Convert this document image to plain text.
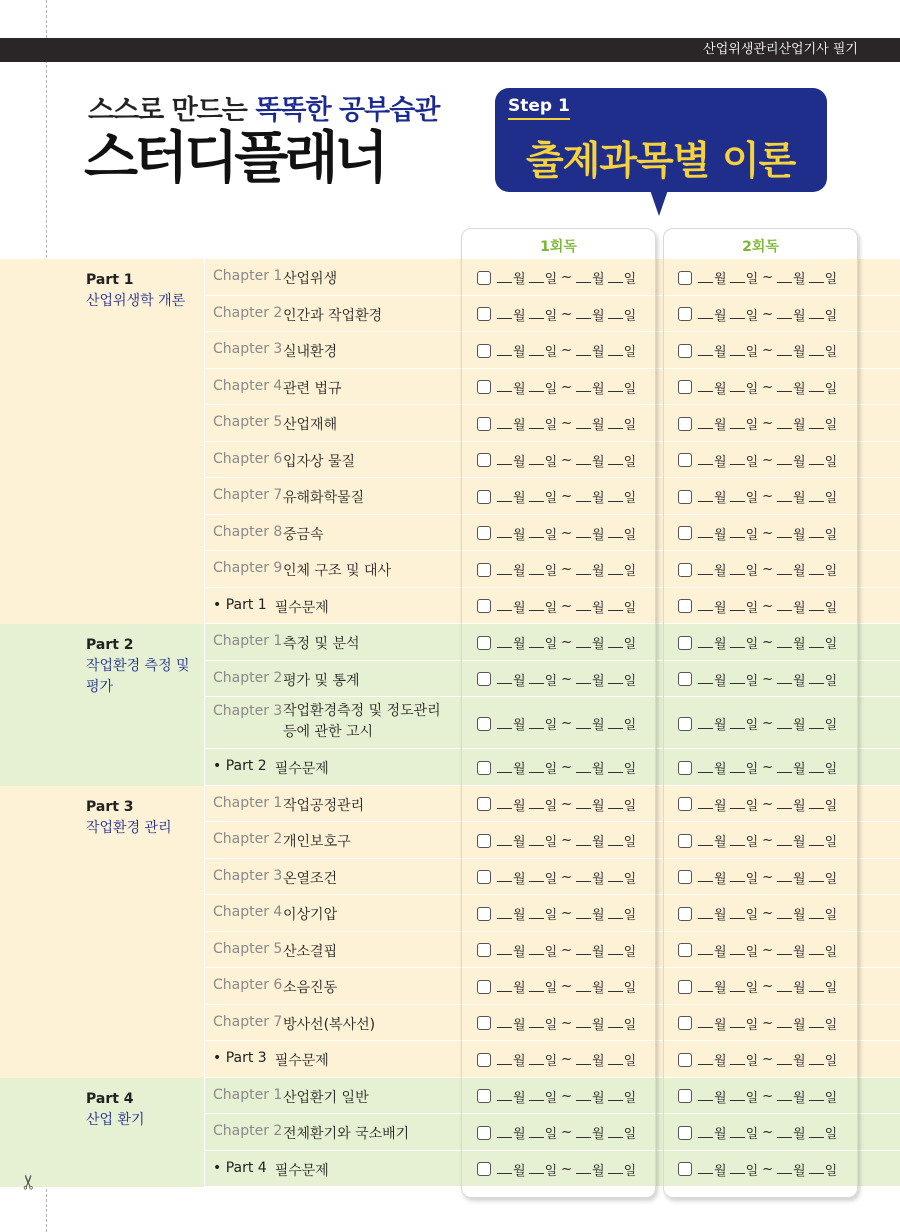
산업위생관리산업기사 필기
스스로 만드는 똑똑한 공부습관
스터디플래너
Step 1
출제과목별 이론
1회독	2회독
Part 1
산업위생학 개론
Chapter 1 산업위생	월 일 ~ 월 일	월 일 ~ 월 일
Chapter 2 인간과 작업환경	월 일 ~ 월 일	월 일 ~ 월 일
Chapter 3 실내환경	월 일 ~ 월 일	월 일 ~ 월 일
Chapter 4 관련 법규	월 일 ~ 월 일	월 일 ~ 월 일
Chapter 5 산업재해	월 일 ~ 월 일	월 일 ~ 월 일
Chapter 6 입자상 물질	월 일 ~ 월 일	월 일 ~ 월 일
Chapter 7 유해화학물질	월 일 ~ 월 일	월 일 ~ 월 일
Chapter 8 중금속	월 일 ~ 월 일	월 일 ~ 월 일
Chapter 9 인체 구조 및 대사	월 일 ~ 월 일	월 일 ~ 월 일
• Part 1 필수문제	월 일 ~ 월 일	월 일 ~ 월 일
Part 2
작업환경 측정 및 평가
Chapter 1 측정 및 분석	월 일 ~ 월 일	월 일 ~ 월 일
Chapter 2 평가 및 통계	월 일 ~ 월 일	월 일 ~ 월 일
Chapter 3 작업환경측정 및 정도관리 등에 관한 고시	월 일 ~ 월 일	월 일 ~ 월 일
• Part 2 필수문제	월 일 ~ 월 일	월 일 ~ 월 일
Part 3
작업환경 관리
Chapter 1 작업공정관리	월 일 ~ 월 일	월 일 ~ 월 일
Chapter 2 개인보호구	월 일 ~ 월 일	월 일 ~ 월 일
Chapter 3 온열조건	월 일 ~ 월 일	월 일 ~ 월 일
Chapter 4 이상기압	월 일 ~ 월 일	월 일 ~ 월 일
Chapter 5 산소결핍	월 일 ~ 월 일	월 일 ~ 월 일
Chapter 6 소음진동	월 일 ~ 월 일	월 일 ~ 월 일
Chapter 7 방사선(복사선)	월 일 ~ 월 일	월 일 ~ 월 일
• Part 3 필수문제	월 일 ~ 월 일	월 일 ~ 월 일
Part 4
산업 환기
Chapter 1 산업환기 일반	월 일 ~ 월 일	월 일 ~ 월 일
Chapter 2 전체환기와 국소배기	월 일 ~ 월 일	월 일 ~ 월 일
• Part 4 필수문제	월 일 ~ 월 일	월 일 ~ 월 일
✂
